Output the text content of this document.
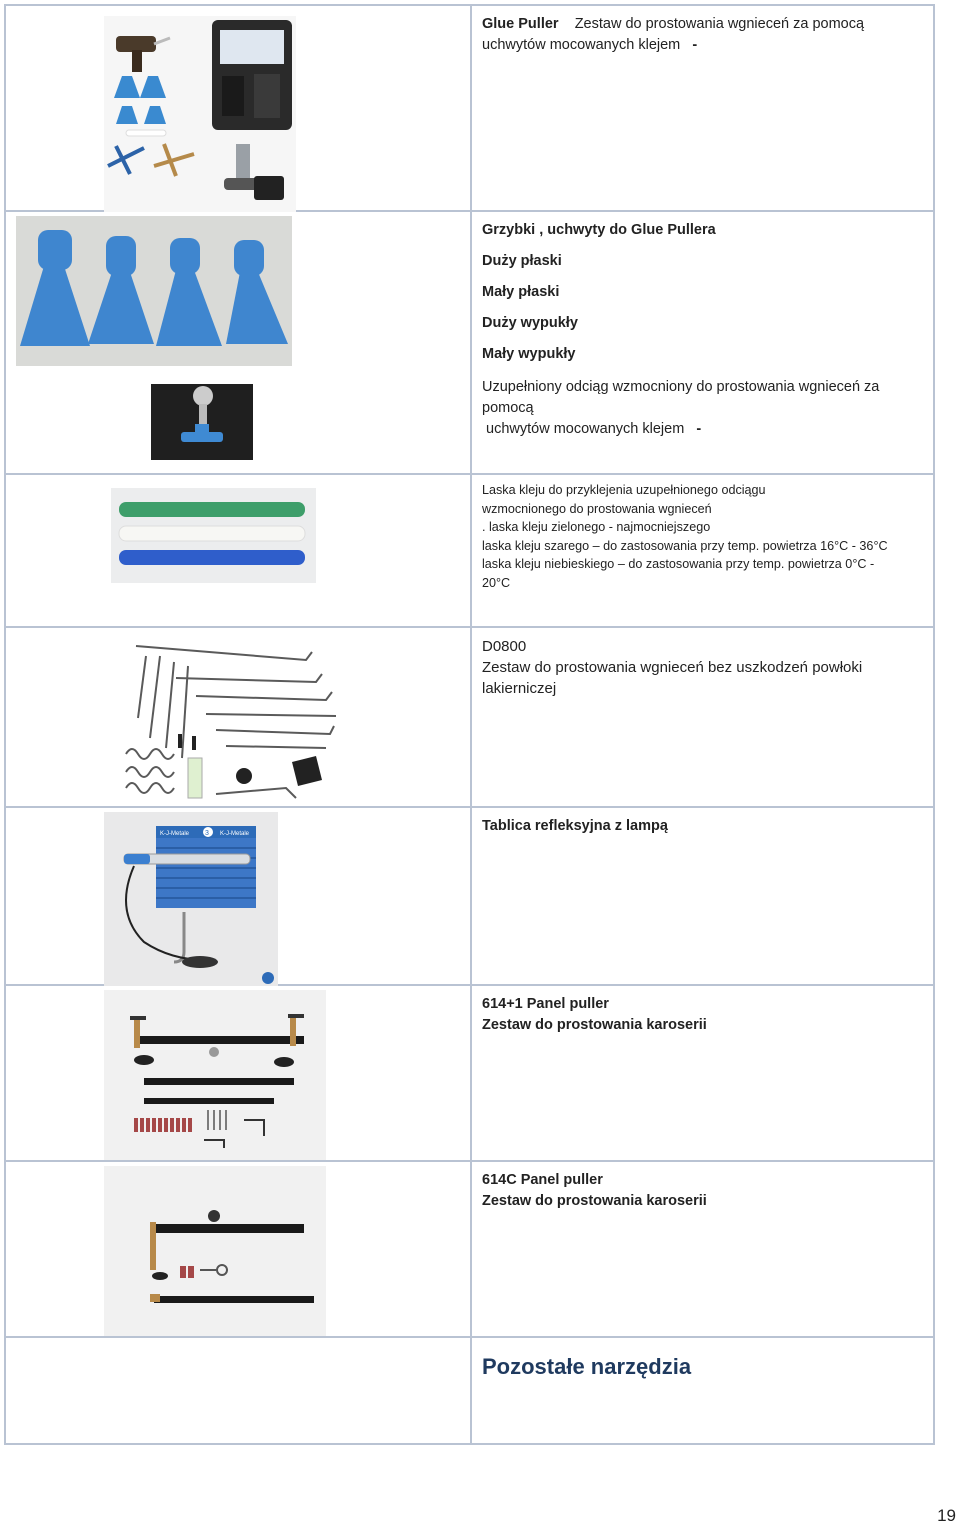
Glue Puller Zestaw do prostowania wgnieceń za pomocą

uchwytów mocowanych klejem -

Grzybki , uchwyty do Glue Pullera

Duży płaski

Mały płaski

Duży wypukły

Mały wypukły

Uzupełniony odciąg wzmocniony do prostowania wgnieceń za pomocą

uchwytów mocowanych klejem -

Laska kleju do przyklejenia uzupełnionego odciągu

wzmocnionego do prostowania wgnieceń

. laska kleju zielonego - najmocniejszego

laska kleju szarego – do zastosowania przy temp. powietrza 16°C - 36°C

laska kleju niebieskiego – do zastosowania przy temp. powietrza 0°C -

20°C

D0800

Zestaw do prostowania wgnieceń bez uszkodzeń powłoki lakierniczej

K-J-Metale 3 K-J-Metale	Tablica refleksyjna z lampą

614+1 Panel puller

Zestaw do prostowania karoserii

614C Panel puller

Zestaw do prostowania karoserii

Pozostałe narzędzia

19
